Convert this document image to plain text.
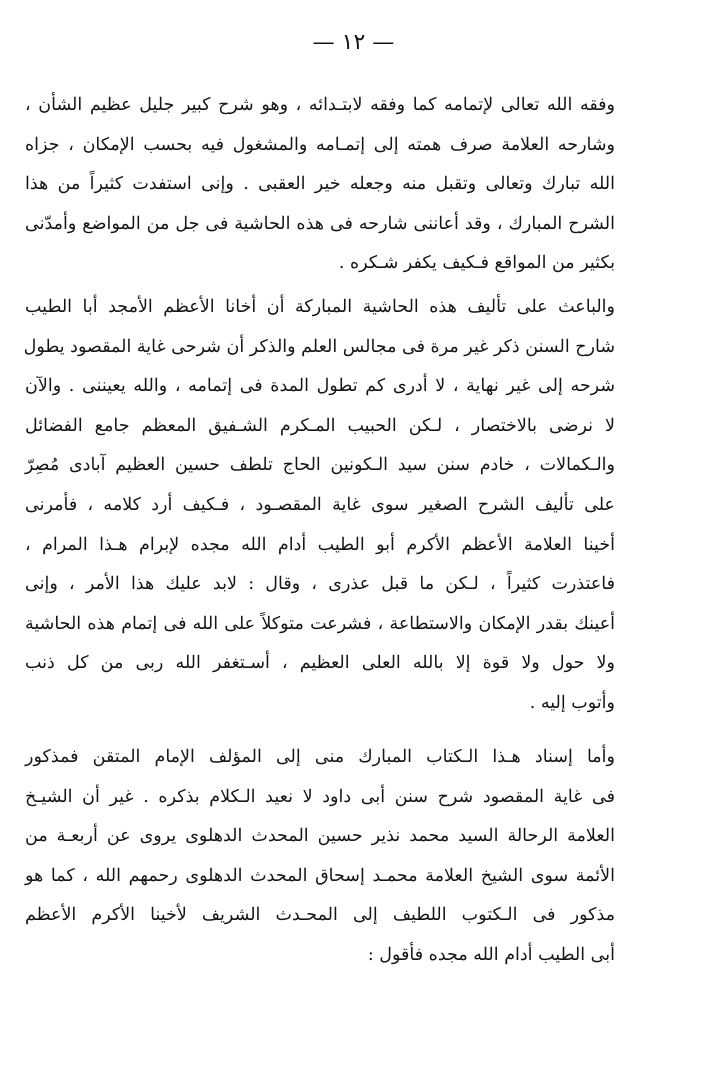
— ١٢ —
وفقه الله تعالى لإتمامه كما وفقه لابتـدائه ، وهو شرح كبير جليل عظيم الشأن ،
وشارحه العلامة صرف همته إلى إتمـامه والمشغول فيه بحسب الإمكان ، جزاه
الله تبارك وتعالى وتقبل منه وجعله خير العقبى . وإنى استفدت كثيراً من هذا
الشرح المبارك ، وقد أعاننى شارحه فى هذه الحاشية فى جل من المواضع وأمدّنى
بكثير من المواقع فـكيف يكفر شـكره .
والباعث على تأليف هذه الحاشية المباركة أن أخانا الأعظم الأمجد أبا الطيب
شارح السنن ذكر غير مرة فى مجالس العلم والذكر أن شرحى غاية المقصود يطول
شرحه إلى غير نهاية ، لا أدرى كم تطول المدة فى إتمامه ، والله يعيننى . والآن
لا نرضى بالاختصار ، لـكن الحبيب المـكرم الشـفيق المعظم جامع الفضائل
والـكمالات ، خادم سنن سيد الـكونين الحاج تلطف حسين العظيم آبادى مُصِرّ
على تأليف الشرح الصغير سوى غاية المقصـود ، فـكيف أرد كلامه ، فأمرنى
أخينا العلامة الأعظم الأكرم أبو الطيب أدام الله مجده لإبرام هـذا المرام ،
فاعتذرت كثيراً ، لـكن ما قبل عذرى ، وقال : لابد عليك هذا الأمر ، وإنى
أعينك بقدر الإمكان والاستطاعة ، فشرعت متوكلاً على الله فى إتمام هذه الحاشية
ولا حول ولا قوة إلا بالله العلى العظيم ، أسـتغفر الله ربى من كل ذنب
وأتوب إليه .
وأما إسناد هـذا الـكتاب المبارك منى إلى المؤلف الإمام المتقن فمذكور
فى غاية المقصود شرح سنن أبى داود لا نعيد الـكلام بذكره . غير أن الشيـخ
العلامة الرحالة السيد محمد نذير حسين المحدث الدهلوى يروى عن أربعـة من
الأئمة سوى الشيخ العلامة محمـد إسحاق المحدث الدهلوى رحمهم الله ، كما هو
مذكور فى الـكتوب اللطيف إلى المحـدث الشريف لأخينا الأكرم الأعظم
أبى الطيب أدام الله مجده فأقول :
